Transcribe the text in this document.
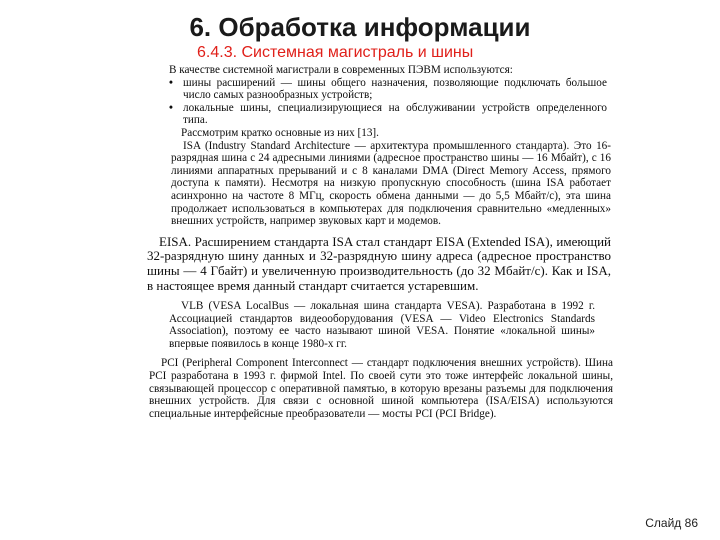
6. Обработка информации
6.4.3. Системная магистраль и шины

В качестве системной магистрали в современных ПЭВМ используются:

• шины расширений — шины общего назначения, позволяющие подключать большое число самых разнообразных устройств;
• локальные шины, специализирующиеся на обслуживании устройств определенного типа.

Рассмотрим кратко основные из них [13].

ISA (Industry Standard Architecture — архитектура промышленного стандарта). Это 16-разрядная шина с 24 адресными линиями (адресное пространство шины — 16 Мбайт), с 16 линиями аппаратных прерываний и с 8 каналами DMA (Direct Memory Access, прямого доступа к памяти). Несмотря на низкую пропускную способность (шина ISA работает асинхронно на частоте 8 МГц, скорость обмена данными — до 5,5 Мбайт/с), эта шина продолжает использоваться в компьютерах для подключения сравнительно «медленных» внешних устройств, например звуковых карт и модемов.

EISA. Расширением стандарта ISA стал стандарт EISA (Extended ISA), имеющий 32-разрядную шину данных и 32-разрядную шину адреса (адресное пространство шины — 4 Гбайт) и увеличенную производительность (до 32 Мбайт/с). Как и ISA, в настоящее время данный стандарт считается устаревшим.

VLB (VESA LocalBus — локальная шина стандарта VESA). Разработана в 1992 г. Ассоциацией стандартов видеооборудования (VESA — Video Electronics Standards Association), поэтому ее часто называют шиной VESA. Понятие «локальной шины» впервые появилось в конце 1980-х гг.

PCI (Peripheral Component Interconnect — стандарт подключения внешних устройств). Шина PCI разработана в 1993 г. фирмой Intel. По своей сути это тоже интерфейс локальной шины, связывающей процессор с оперативной памятью, в которую врезаны разъемы для подключения внешних устройств. Для связи с основной шиной компьютера (ISA/EISA) используются специальные интерфейсные преобразователи — мосты PCI (PCI Bridge).

Слайд 86
